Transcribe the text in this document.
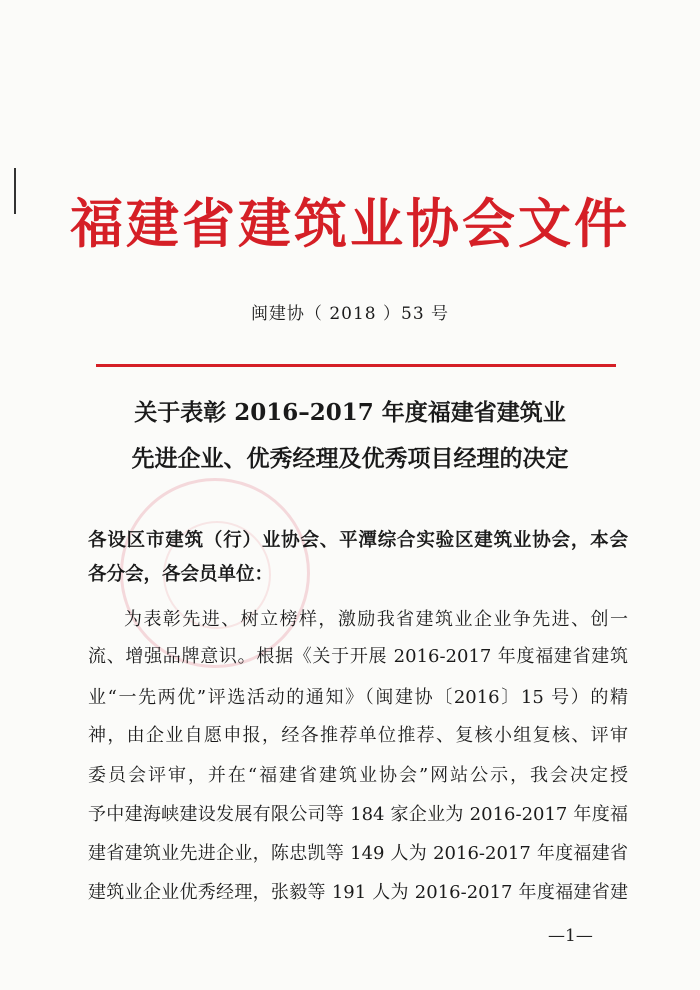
福建省建筑业协会文件
闽建协（ 2018 ）53 号
关于表彰 2016–2017 年度福建省建筑业
先进企业、优秀经理及优秀项目经理的决定
各设区市建筑（行）业协会、平潭综合实验区建筑业协会，本会
各分会，各会员单位：
为表彰先进、树立榜样，激励我省建筑业企业争先进、创一
流、增强品牌意识。根据《关于开展 2016-2017 年度福建省建筑
业“一先两优”评选活动的通知》（闽建协〔2016〕15 号）的精
神，由企业自愿申报，经各推荐单位推荐、复核小组复核、评审
委员会评审，并在“福建省建筑业协会”网站公示，我会决定授
予中建海峡建设发展有限公司等 184 家企业为 2016-2017 年度福
建省建筑业先进企业，陈忠凯等 149 人为 2016-2017 年度福建省
建筑业企业优秀经理，张毅等 191 人为 2016-2017 年度福建省建
—1—
